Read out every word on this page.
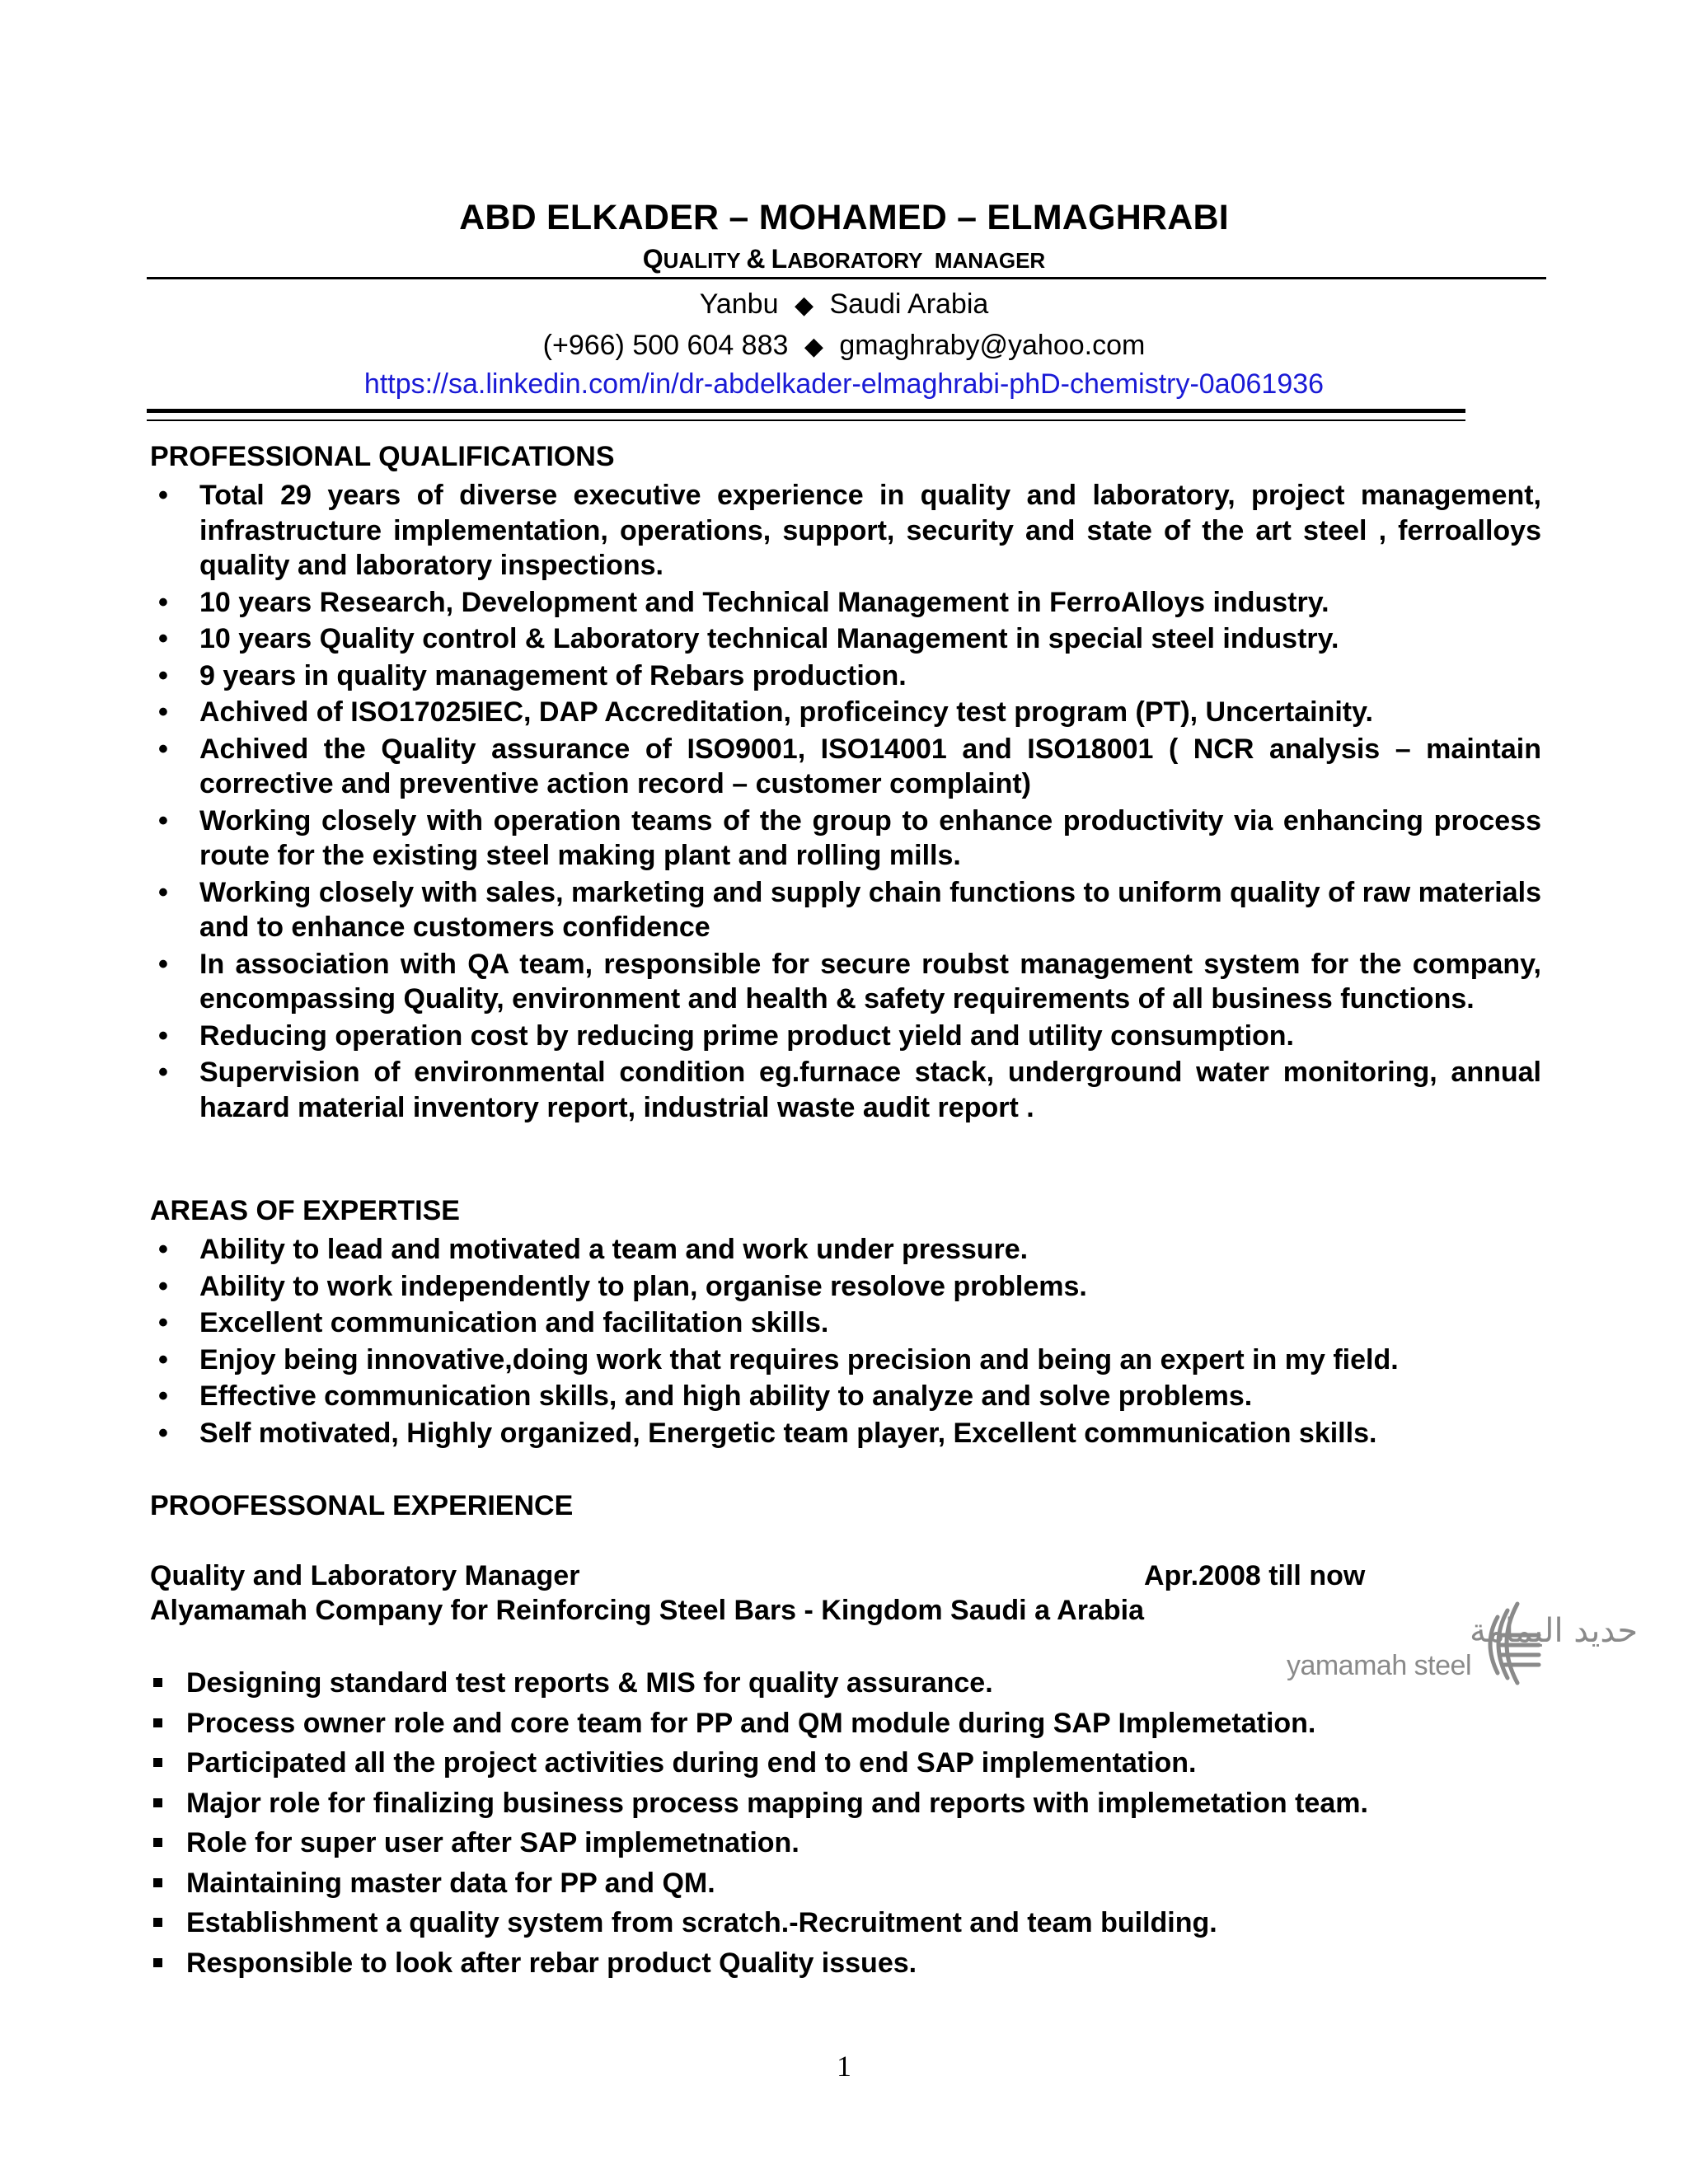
ABD ELKADER – MOHAMED – ELMAGHRABI
QUALITY & LABORATORY MANAGER
Yanbu ◆ Saudi Arabia
(+966) 500 604 883 ◆ gmaghraby@yahoo.com
https://sa.linkedin.com/in/dr-abdelkader-elmaghrabi-phD-chemistry-0a061936
PROFESSIONAL QUALIFICATIONS
• Total 29 years of diverse executive experience in quality and laboratory, project management, infrastructure implementation, operations, support, security and state of the art steel , ferroalloys quality and laboratory inspections.
• 10 years Research, Development and Technical Management in FerroAlloys industry.
• 10 years Quality control & Laboratory technical Management in special steel industry.
• 9 years in quality management of Rebars production.
• Achived of ISO17025IEC, DAP Accreditation, proficeincy test program (PT), Uncertainity.
• Achived the Quality assurance of ISO9001, ISO14001 and ISO18001 ( NCR analysis – maintain corrective and preventive action record – customer complaint)
• Working closely with operation teams of the group to enhance productivity via enhancing process route for the existing steel making plant and rolling mills.
• Working closely with sales, marketing and supply chain functions to uniform quality of raw materials and to enhance customers confidence
• In association with QA team, responsible for secure roubst management system for the company, encompassing Quality, environment and health & safety requirements of all business functions.
• Reducing operation cost by reducing prime product yield and utility consumption.
• Supervision of environmental condition eg.furnace stack, underground water monitoring, annual hazard material inventory report, industrial waste audit report .
AREAS OF EXPERTISE
• Ability to lead and motivated a team and work under pressure.
• Ability to work independently to plan, organise resolove problems.
• Excellent communication and facilitation skills.
• Enjoy being innovative,doing work that requires precision and being an expert in my field.
• Effective communication skills, and high ability to analyze and solve problems.
• Self motivated, Highly organized, Energetic team player, Excellent communication skills.
PROOFESSONAL EXPERIENCE
Quality and Laboratory Manager	Apr.2008 till now
Alyamamah Company for Reinforcing Steel Bars - Kingdom Saudi a Arabia
حديد اليمامة
yamamah steel
Designing standard test reports & MIS for quality assurance.
Process owner role and core team for PP and QM module during SAP Implemetation.
Participated all the project activities during end to end SAP implementation.
Major role for finalizing business process mapping and reports with implemetation team.
Role for super user after SAP implemetnation.
Maintaining master data for PP and QM.
Establishment a quality system from scratch.-Recruitment and team building.
Responsible to look after rebar product Quality issues.
1
